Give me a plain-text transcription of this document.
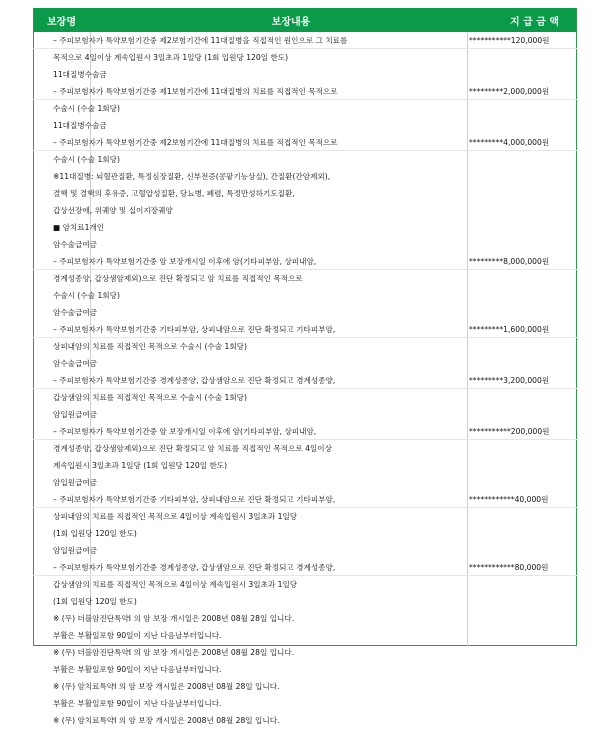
보장명	보장내용	지 급 금 액
– 주피보험자가 특약보험기간중 제2보험기간에 11대질병을 직접적인 원인으로 그 치료를	***********120,000원
목적으로 4일이상 계속입원시 3일초과 1일당 (1회 입원당 120일 한도)
11대질병수술금
– 주피보험자가 특약보험기간중 제1보험기간에 11대질병의 치료를 직접적인 목적으로	*********2,000,000원
수술시 (수술 1회당)
11대질병수술금
– 주피보험자가 특약보험기간중 제2보험기간에 11대질병의 치료를 직접적인 목적으로	*********4,000,000원
수술시 (수술 1회당)
※11대질병: 뇌혈관질환, 특정심장질환, 신부전증(콩팥기능상실), 간질환(간암제외),
결핵 및 결핵의 후유증, 고혈압성질환, 당뇨병, 폐렴, 특정만성하기도질환,
갑상선장애, 위궤양 및 십이지장궤양
■ 암치료1개인
암수술급여금
– 주피보험자가 특약보험기간중 암 보장개시일 이후에 암(기타피부암, 상피내암,	*********8,000,000원
경계성종양, 갑상샘암제외)으로 진단 확정되고 암 치료를 직접적인 목적으로
수술시 (수술 1회당)
암수술급여금
– 주피보험자가 특약보험기간중 기타피부암, 상피내암으로 진단 확정되고 기타피부암,	*********1,600,000원
상피내암의 치료를 직접적인 목적으로 수술시 (수술 1회당)
암수술급여금
– 주피보험자가 특약보험기간중 경계성종양, 갑상샘암으로 진단 확정되고 경계성종양,	*********3,200,000원
갑상샘암의 치료를 직접적인 목적으로 수술시 (수술 1회당)
암입원급여금
– 주피보험자가 특약보험기간중 암 보장개시일 이후에 암(기타피부암, 상피내암,	***********200,000원
경계성종양, 갑상샘암제외)으로 진단 확정되고 암 치료를 직접적인 목적으로 4일이상
계속입원시 3일초과 1일당 (1회 입원당 120일 한도)
암입원급여금
– 주피보험자가 특약보험기간중 기타피부암, 상피내암으로 진단 확정되고 기타피부암,	************40,000원
상피내암의 치료를 직접적인 목적으로 4일이상 계속입원시 3일초과 1일당
(1회 입원당 120일 한도)
암입원급여금
– 주피보험자가 특약보험기간중 경계성종양, 갑상샘암으로 진단 확정되고 경계성종양,	************80,000원
갑상샘암의 치료를 직접적인 목적으로 4일이상 계속입원시 3일초과 1일당
(1회 입원당 120일 한도)
※ (무) 더블암진단특약Ⅰ 의 암 보장 개시일은 2008년 08월 28일 입니다.
부활은 부활일포함 90일이 지난 다음날부터입니다.
※ (무) 더블암진단특약Ⅰ 의 암 보장 개시일은 2008년 08월 28일 입니다.
부활은 부활일포함 90일이 지난 다음날부터입니다.
※ (무) 암치료특약Ⅰ 의 암 보장 개시일은 2008년 08월 28일 입니다.
부활은 부활일포함 90일이 지난 다음날부터입니다.
※ (무) 암치료특약Ⅰ 의 암 보장 개시일은 2008년 08월 28일 입니다.
